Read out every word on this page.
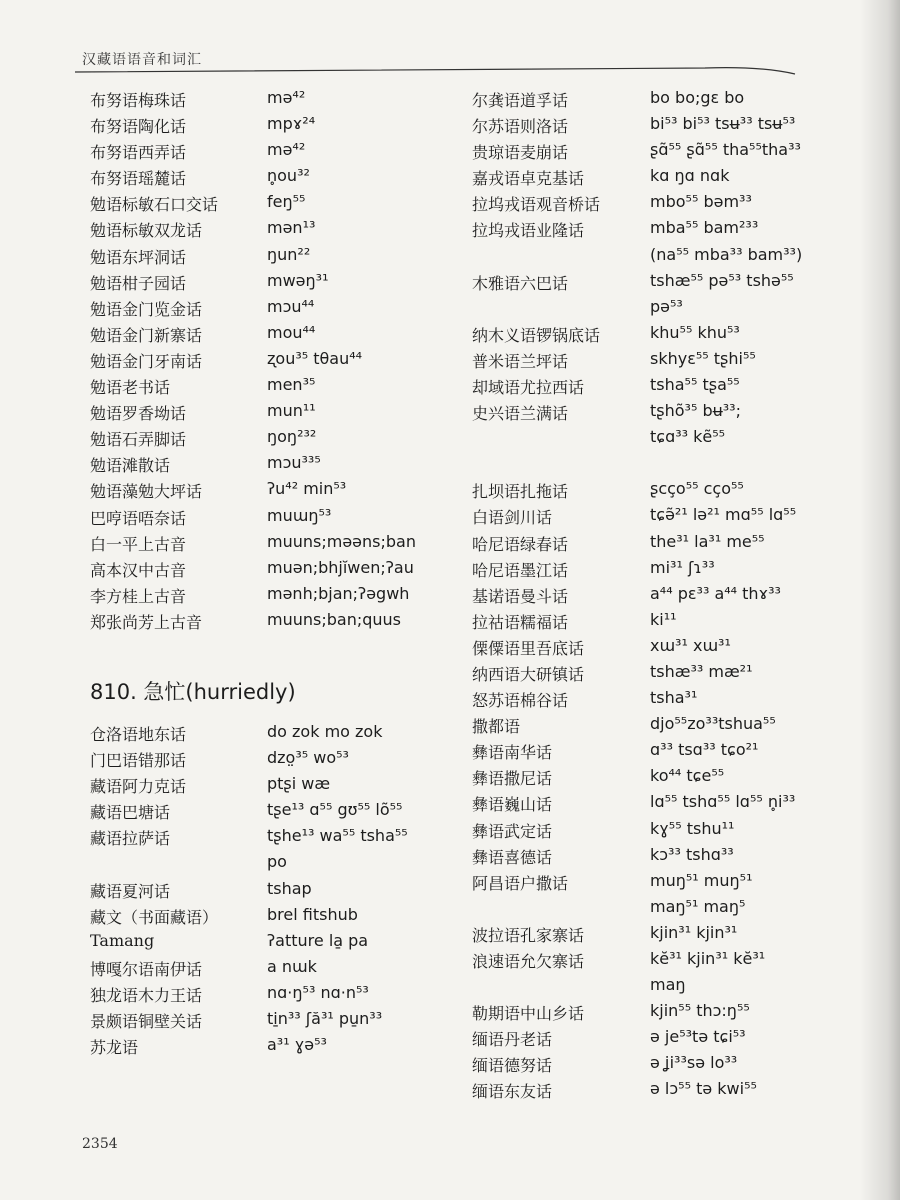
汉藏语语音和词汇
布努语梅珠话	mə⁴²
布努语陶化话	mpɤ²⁴
布努语西弄话	mə⁴²
布努语瑶麓话	n̥ou³²
勉语标敏石口交话	feŋ⁵⁵
勉语标敏双龙话	mən¹³
勉语东坪洞话	ŋun²²
勉语柑子园话	mwəŋ³¹
勉语金门览金话	mɔu⁴⁴
勉语金门新寨话	mou⁴⁴
勉语金门牙南话	ʐou³⁵ tθau⁴⁴
勉语老书话	men³⁵
勉语罗香坳话	mun¹¹
勉语石弄脚话	ŋoŋ²³²
勉语滩散话	mɔu³³⁵
勉语藻勉大坪话	ʔu⁴² min⁵³
巴哼语唔奈话	muɯŋ⁵³
白一平上古音	muuns;məəns;ban
高本汉中古音	muən;bhjĭwen;ʔau
李方桂上古音	mənh;bjan;ʔəgwh
郑张尚芳上古音	muuns;ban;quus
810. 急忙(hurriedly)
仓洛语地东话	do zok mo zok
门巴语错那话	dzo̤³⁵ wo⁵³
藏语阿力克话	ptʂi wæ
藏语巴塘话	tʂe¹³ ɑ⁵⁵ gʊ⁵⁵ lõ⁵⁵
藏语拉萨话	tʂhe¹³ wa⁵⁵ tsha⁵⁵
po
藏语夏河话	tshap
藏文（书面藏语）	brel fitshub
Tamang	ʔatture la̱ pa
博嘎尔语南伊话	a nɯk
独龙语木力王话	nɑ·ŋ⁵³ nɑ·n⁵³
景颇语铜壁关话	ti̱n³³ ʃă³¹ pu̱n³³
苏龙语	a³¹ ɣə⁵³
尔龚语道孚话	bo bo;gɛ bo
尔苏语则洛话	bi⁵³ bi⁵³ tsʉ³³ tsʉ⁵³
贵琼语麦崩话	ʂɑ̃⁵⁵ ʂɑ̃⁵⁵ tha⁵⁵tha³³
嘉戎语卓克基话	kɑ ŋɑ nɑk
拉坞戎语观音桥话	mbo⁵⁵ bəm³³
拉坞戎语业隆话	mba⁵⁵ bam²³³
(na⁵⁵ mba³³ bam³³)
木雅语六巴话	tshæ⁵⁵ pə⁵³ tshə⁵⁵
pə⁵³
纳木义语锣锅底话	khu⁵⁵ khu⁵³
普米语兰坪话	skhyɛ⁵⁵ tʂhi⁵⁵
却域语尤拉西话	tsha⁵⁵ tʂa⁵⁵
史兴语兰满话	tʂhõ³⁵ bʉ³³;
tɕɑ³³ kẽ⁵⁵
扎坝语扎拖话	ʂcço⁵⁵ cço⁵⁵
白语剑川话	tɕə̃²¹ lə²¹ mɑ⁵⁵ lɑ⁵⁵
哈尼语绿春话	the³¹ la³¹ me⁵⁵
哈尼语墨江话	mi³¹ ʃɿ³³
基诺语曼斗话	a⁴⁴ pɛ³³ a⁴⁴ thɤ³³
拉祜语糯福话	ki¹¹
傈僳语里吾底话	xɯ³¹ xɯ³¹
纳西语大研镇话	tshæ³³ mæ²¹
怒苏语棉谷话	tsha³¹
撒都语	djo⁵⁵zo³³tshua⁵⁵
彝语南华话	ɑ³³ tsɑ³³ tɕo²¹
彝语撒尼话	ko⁴⁴ tɕe⁵⁵
彝语巍山话	lɑ⁵⁵ tshɑ⁵⁵ lɑ⁵⁵ n̥i³³
彝语武定话	kɣ⁵⁵ tshu¹¹
彝语喜德话	kɔ³³ tshɑ³³
阿昌语户撒话	muŋ⁵¹ muŋ⁵¹
maŋ⁵¹ maŋ⁵
波拉语孔家寨话	kjin³¹ kjin³¹
浪速语允欠寨话	kĕ³¹ kjin³¹ kĕ³¹
maŋ
勒期语中山乡话	kjin⁵⁵ thɔ:ŋ⁵⁵
缅语丹老话	ə je⁵³tə tɕi⁵³
缅语德努话	ə ʝi³³sə lo³³
缅语东友话	ə lɔ⁵⁵ tə kwi⁵⁵
2354
